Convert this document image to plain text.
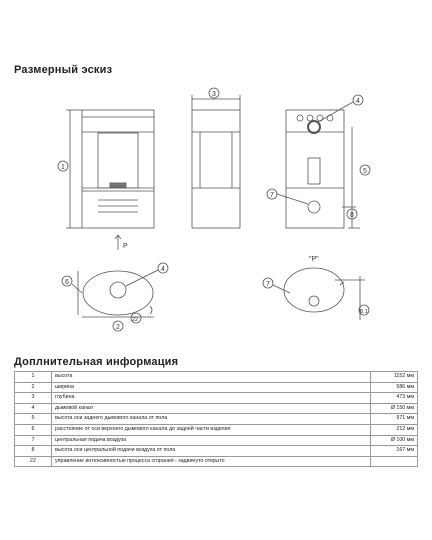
Размерный эскиз
1
3
4
5
7
8
6
4
2
22
7
8.1
P
"P"
Доплнительная информация
1	высота	1152 мм
2	ширина	586 мм
3	глубина	473 мм
4	дымовой канал	Ø 150 мм
5	высота оси заднего дымового канала от пола	971 мм
6	расстояние от оси верхнего дымового канала до задней части изделия	212 мм
7	центральная подача воздуха	Ø 100 мм
8	высота оси центральной подачи воздуха от пола	167 мм
22	управление интенсивностью процесса сгорания - задвинуто открыто	
